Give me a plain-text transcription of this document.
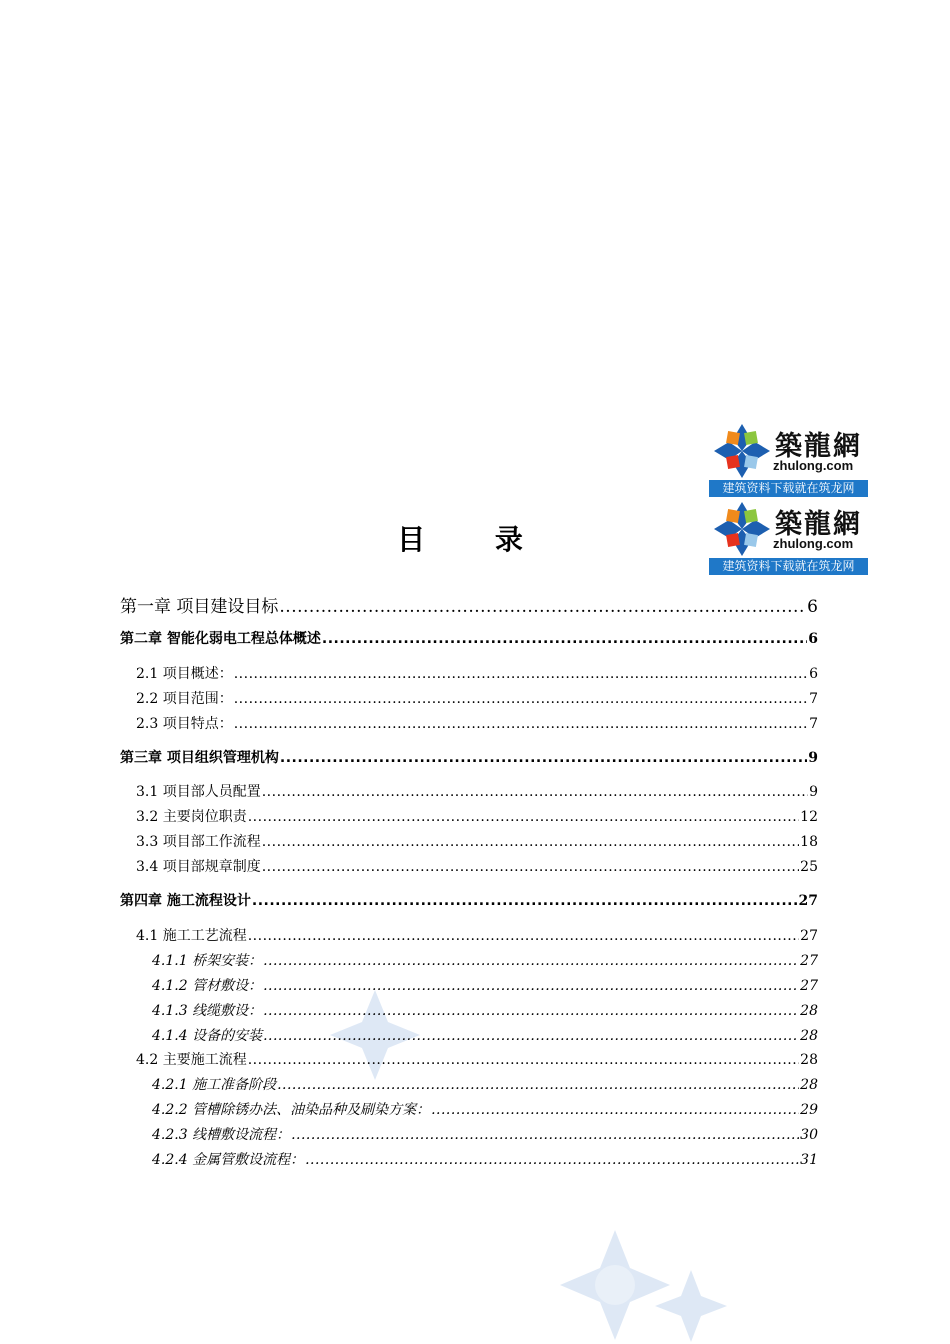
築龍網
zhulong.com
建筑资料下载就在筑龙网
築龍網
zhulong.com
建筑资料下载就在筑龙网
目 录
第一章 项目建设目标 .....	6
第二章 智能化弱电工程总体概述 .....	6
2.1 项目概述： .....	6
2.2 项目范围： .....	7
2.3 项目特点： .....	7
第三章 项目组织管理机构 .....	9
3.1 项目部人员配置 .....	9
3.2 主要岗位职责 .....	12
3.3 项目部工作流程 .....	18
3.4 项目部规章制度 .....	25
第四章 施工流程设计 .....	27
4.1 施工工艺流程 .....	27
4.1.1 桥架安装： .....	27
4.1.2 管材敷设： .....	27
4.1.3 线缆敷设： .....	28
4.1.4 设备的安装 .....	28
4.2 主要施工流程 .....	28
4.2.1 施工准备阶段 .....	28
4.2.2 管槽除锈办法、油染品种及刷染方案： .....	29
4.2.3 线槽敷设流程： .....	30
4.2.4 金属管敷设流程： .....	31
